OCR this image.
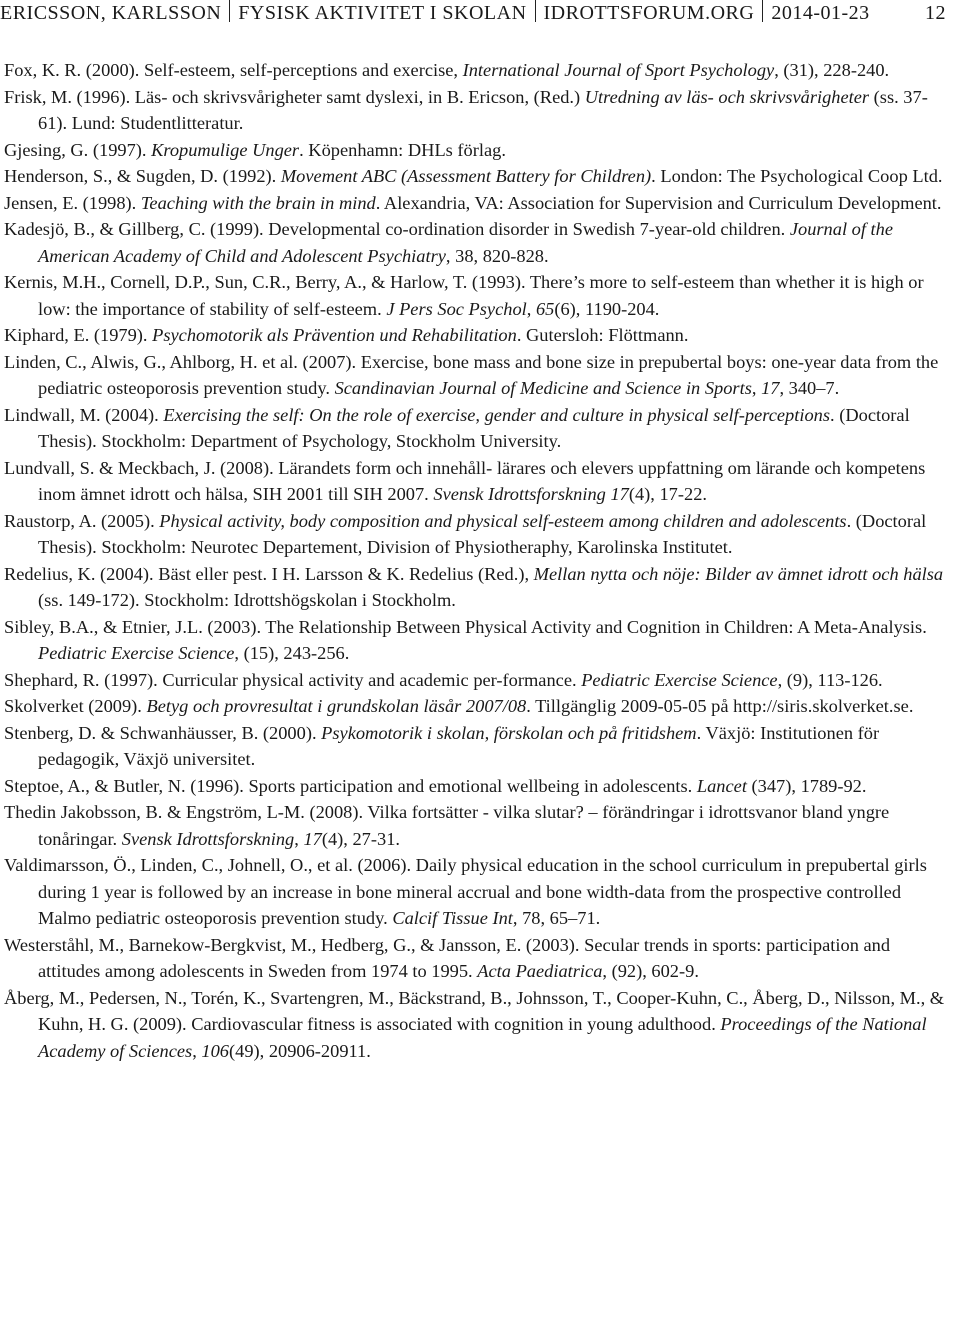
ERICSSON, KARLSSON FYSISK AKTIVITET I SKOLAN IDROTTSFORUM.ORG 2014-01-23	12

Fox, K. R. (2000). Self-esteem, self-perceptions and exercise, International Journal of Sport Psychology, (31), 228-240.

Frisk, M. (1996). Läs- och skrivsvårigheter samt dyslexi, in B. Ericson, (Red.) Utredning av läs- och skrivsvårigheter (ss. 37-61). Lund: Studentlitteratur.

Gjesing, G. (1997). Kropumulige Unger. Köpenhamn: DHLs förlag.

Henderson, S., & Sugden, D. (1992). Movement ABC (Assessment Battery for Children). London: The Psychological Coop Ltd.

Jensen, E. (1998). Teaching with the brain in mind. Alexandria, VA: Association for Supervision and Curriculum Development.

Kadesjö, B., & Gillberg, C. (1999). Developmental co-ordination disorder in Swedish 7-year-old children. Journal of the American Academy of Child and Adolescent Psychiatry, 38, 820-828.

Kernis, M.H., Cornell, D.P., Sun, C.R., Berry, A., & Harlow, T. (1993). There’s more to self-esteem than whether it is high or low: the importance of stability of self-esteem. J Pers Soc Psychol, 65(6), 1190-204.

Kiphard, E. (1979). Psychomotorik als Prävention und Rehabilitation. Gutersloh: Flöttmann.

Linden, C., Alwis, G., Ahlborg, H. et al. (2007). Exercise, bone mass and bone size in prepubertal boys: one-year data from the pediatric osteoporosis prevention study. Scandinavian Journal of Medicine and Science in Sports, 17, 340–7.

Lindwall, M. (2004). Exercising the self: On the role of exercise, gender and culture in physical self-perceptions. (Doctoral Thesis). Stockholm: Department of Psychology, Stockholm University.

Lundvall, S. & Meckbach, J. (2008). Lärandets form och innehåll- lärares och elevers uppfattning om lärande och kompetens inom ämnet idrott och hälsa, SIH 2001 till SIH 2007. Svensk Idrottsforskning 17(4), 17-22.

Raustorp, A. (2005). Physical activity, body composition and physical self-esteem among children and adolescents. (Doctoral Thesis). Stockholm: Neurotec Departement, Division of Physiotheraphy, Karolinska Institutet.

Redelius, K. (2004). Bäst eller pest. I H. Larsson & K. Redelius (Red.), Mellan nytta och nöje: Bilder av ämnet idrott och hälsa (ss. 149-172). Stockholm: Idrottshögskolan i Stockholm.

Sibley, B.A., & Etnier, J.L. (2003). The Relationship Between Physical Activity and Cognition in Children: A Meta-Analysis. Pediatric Exercise Science, (15), 243-256.

Shephard, R. (1997). Curricular physical activity and academic per-formance. Pediatric Exercise Science, (9), 113-126.

Skolverket (2009). Betyg och provresultat i grundskolan läsår 2007/08. Tillgänglig 2009-05-05 på http://siris.skolverket.se.

Stenberg, D. & Schwanhäusser, B. (2000). Psykomotorik i skolan, förskolan och på fritidshem. Växjö: Institutionen för pedagogik, Växjö universitet.

Steptoe, A., & Butler, N. (1996). Sports participation and emotional wellbeing in adolescents. Lancet (347), 1789-92.

Thedin Jakobsson, B. & Engström, L-M. (2008). Vilka fortsätter - vilka slutar? – förändringar i idrottsvanor bland yngre tonåringar. Svensk Idrottsforskning, 17(4), 27-31.

Valdimarsson, Ö., Linden, C., Johnell, O., et al. (2006). Daily physical education in the school curriculum in prepubertal girls during 1 year is followed by an increase in bone mineral accrual and bone width-data from the prospective controlled Malmo pediatric osteoporosis prevention study. Calcif Tissue Int, 78, 65–71.

Westerståhl, M., Barnekow-Bergkvist, M., Hedberg, G., & Jansson, E. (2003). Secular trends in sports: participation and attitudes among adolescents in Sweden from 1974 to 1995. Acta Paediatrica, (92), 602-9.

Åberg, M., Pedersen, N., Torén, K., Svartengren, M., Bäckstrand, B., Johnsson, T., Cooper-Kuhn, C., Åberg, D., Nilsson, M., & Kuhn, H. G. (2009). Cardiovascular fitness is associated with cognition in young adulthood. Proceedings of the National Academy of Sciences, 106(49), 20906-20911.
